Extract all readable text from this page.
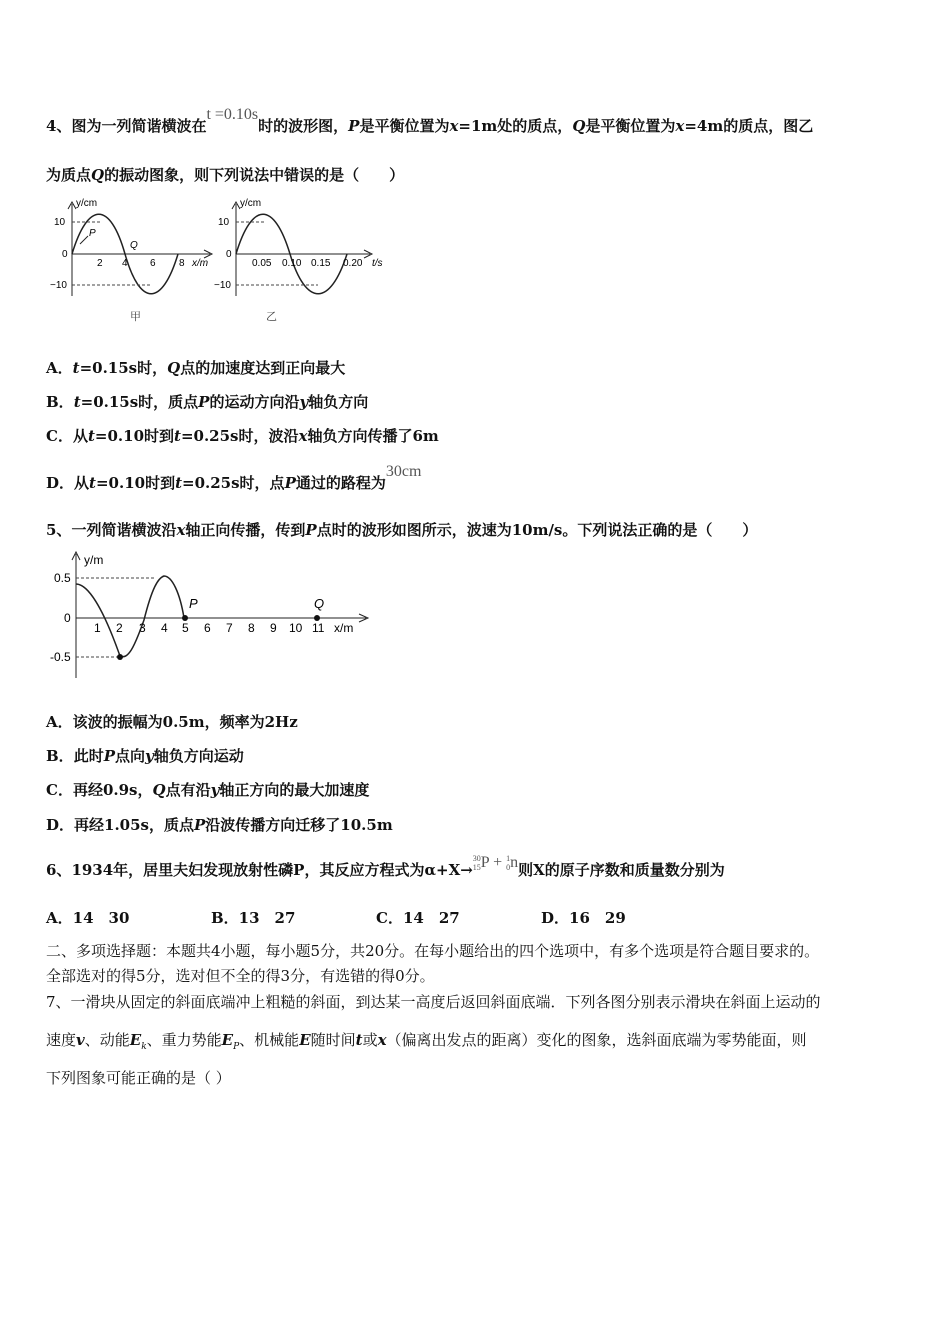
4、图为一列简谐横波在t =0.10s时的波形图，P是平衡位置为x=1m处的质点，Q是平衡位置为x=4m的质点，图乙
为质点Q的振动图象，则下列说法中错误的是（　　）
y/cm
10
0
−10
2 4 6 8 x/m
P
Q
甲
y/cm
10
0
−10
0.05 0.10 0.15 0.20 t/s
乙
A．t=0.15s时，Q点的加速度达到正向最大
B．t=0.15s时，质点P的运动方向沿y轴负方向
C．从t=0.10时到t=0.25s时，波沿x轴负方向传播了6m
D．从t=0.10时到t=0.25s时，点P通过的路程为30cm
5、一列简谐横波沿x轴正向传播，传到P点时的波形如图所示，波速为10m/s。下列说法正确的是（　　）
y/m
0.5
0
-0.5
1 2 3 4 5 6 7 8 9 10 11 x/m
P	Q
A．该波的振幅为0.5m，频率为2Hz
B．此时P点向y轴负方向运动
C．再经0.9s，Q点有沿y轴正方向的最大加速度
D．再经1.05s，质点P沿波传播方向迁移了10.5m
6、1934年，居里夫妇发现放射性磷P，其反应方程式为α+X→30
15P + 1
0n则X的原子序数和质量数分别为
A．14　30	B．13　27	C．14　27	D．16　29
二、多项选择题：本题共4小题，每小题5分，共20分。在每小题给出的四个选项中，有多个选项是符合题目要求的。
全部选对的得5分，选对但不全的得3分，有选错的得0分。
7、一滑块从固定的斜面底端冲上粗糙的斜面，到达某一高度后返回斜面底端．下列各图分别表示滑块在斜面上运动的
速度v、动能$E_k$、重力势能$E_P$、机械能E随时间t或x（偏离出发点的距离）变化的图象，选斜面底端为零势能面，则
下列图象可能正确的是（ ）
